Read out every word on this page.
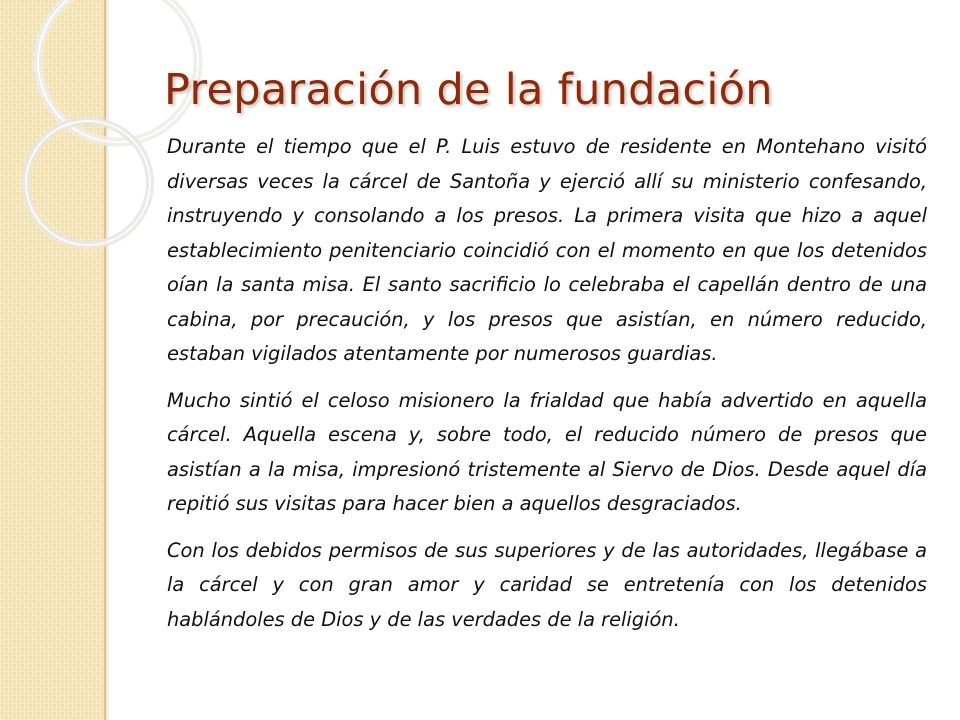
Preparación de la fundación

Durante el tiempo que el P. Luis estuvo de residente en Montehano visitó diversas veces la cárcel de Santoña y ejerció allí su ministerio confesando, instruyendo y consolando a los presos. La primera visita que hizo a aquel establecimiento penitenciario coincidió con el momento en que los detenidos oían la santa misa. El santo sacrificio lo celebraba el capellán dentro de una cabina, por precaución, y los presos que asistían, en número reducido, estaban vigilados atentamente por numerosos guardias.

Mucho sintió el celoso misionero la frialdad que había advertido en aquella cárcel. Aquella escena y, sobre todo, el reducido número de presos que asistían a la misa, impresionó tristemente al Siervo de Dios. Desde aquel día repitió sus visitas para hacer bien a aquellos desgraciados.

Con los debidos permisos de sus superiores y de las autoridades, llegábase a la cárcel y con gran amor y caridad se entretenía con los detenidos hablándoles de Dios y de las verdades de la religión.
